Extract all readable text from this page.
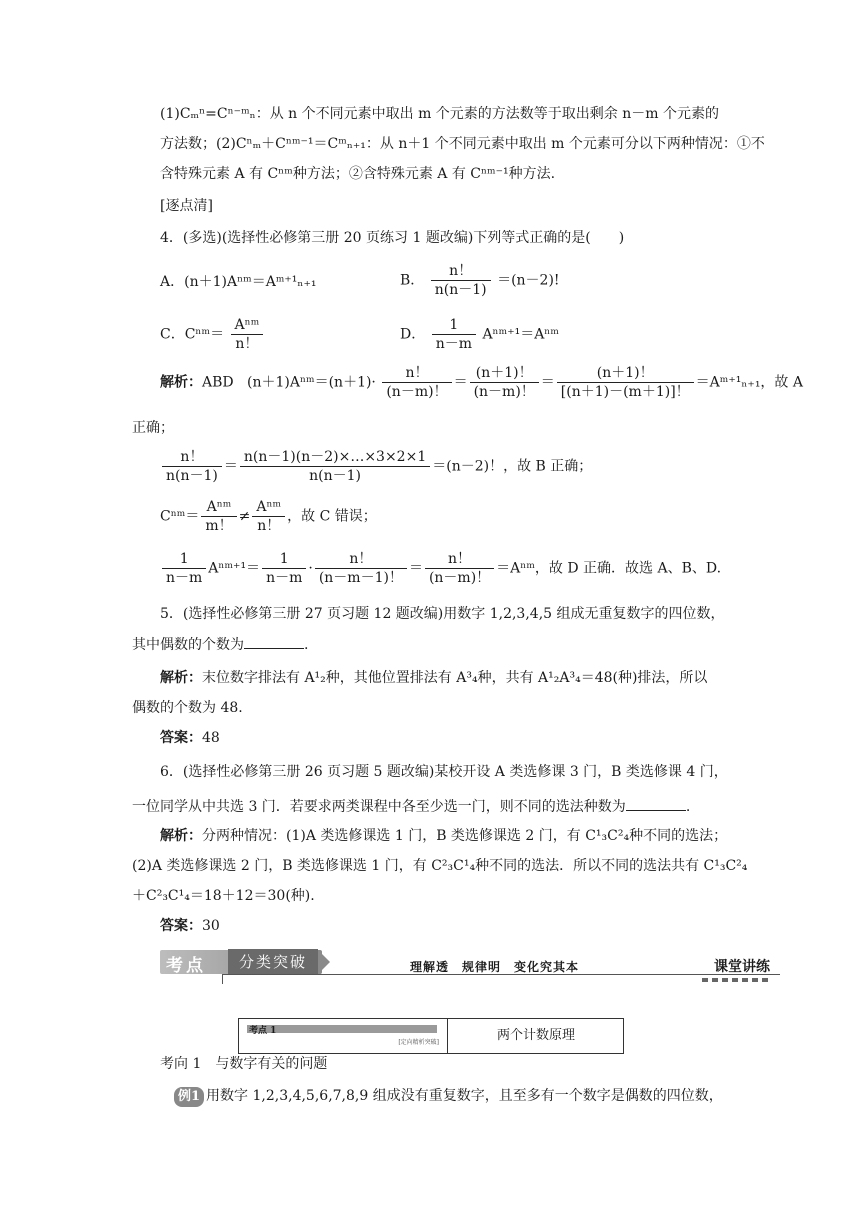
(1)Cₘⁿ=Cⁿ⁻ᵐₙ：从 n 个不同元素中取出 m 个元素的方法数等于取出剩余 n－m 个元素的
方法数；(2)Cⁿₘ＋Cⁿᵐ⁻¹＝Cᵐₙ₊₁：从 n＋1 个不同元素中取出 m 个元素可分以下两种情况：①不
含特殊元素 A 有 Cⁿᵐ种方法；②含特殊元素 A 有 Cⁿᵐ⁻¹种方法.
[逐点清]
4．(多选)(选择性必修第三册 20 页练习 1 题改编)下列等式正确的是(　　)
A．(n＋1)Aⁿᵐ＝Aᵐ⁺¹ₙ₊₁	B． $\frac{n!}{n(n-1)} =(n-2)$!
C．Cⁿᵐ＝ $\frac{\text{Aⁿᵐ}}{n!}$	D． $\frac{1}{n-m}$ Aⁿᵐ⁺¹＝Aⁿᵐ
解析：ABD (n＋1)Aⁿᵐ＝(n＋1)· $\frac{n!}{(n-m)!} = \frac{(n+1)!}{(n-m)!} = \frac{(n+1)!}{[(n+1)-(m+1)]!}$ ＝Aᵐ⁺¹ₙ₊₁，故 A
正确；
$\frac{n!}{n(n-1)} = \frac{n(n-1)(n-2)\times\dots\times 3\times 2\times 1}{n(n-1)} =(n-2)$！，故 B 正确；
Cⁿᵐ＝ $\frac{\text{Aⁿᵐ}}{m!} \ne \frac{\text{Aⁿᵐ}}{n!}$ ，故 C 错误；
$\frac{1}{n-m}$ Aⁿᵐ⁺¹＝ $\frac{1}{n-m} \cdot \frac{n!}{(n-m-1)!} = \frac{n!}{(n-m)!}$ ＝Aⁿᵐ，故 D 正确．故选 A、B、D.
5．(选择性必修第三册 27 页习题 12 题改编)用数字 1,2,3,4,5 组成无重复数字的四位数，
其中偶数的个数为	.
解析：末位数字排法有 A¹₂种，其他位置排法有 A³₄种，共有 A¹₂A³₄＝48(种)排法，所以
偶数的个数为 48.
答案：48
6．(选择性必修第三册 26 页习题 5 题改编)某校开设 A 类选修课 3 门，B 类选修课 4 门，
一位同学从中共选 3 门．若要求两类课程中各至少选一门，则不同的选法种数为	.
解析：分两种情况：(1)A 类选修课选 1 门，B 类选修课选 2 门，有 C¹₃C²₄种不同的选法；
(2)A 类选修课选 2 门，B 类选修课选 1 门，有 C²₃C¹₄种不同的选法．所以不同的选法共有 C¹₃C²₄
＋C²₃C¹₄＝18＋12＝30(种).
答案：30
考点	分类突破	理解透　规律明　变化究其本	课堂讲练
考点 1
[定向精析突破]	两个计数原理
考向 1　与数字有关的问题
例1 用数字 1,2,3,4,5,6,7,8,9 组成没有重复数字，且至多有一个数字是偶数的四位数，
